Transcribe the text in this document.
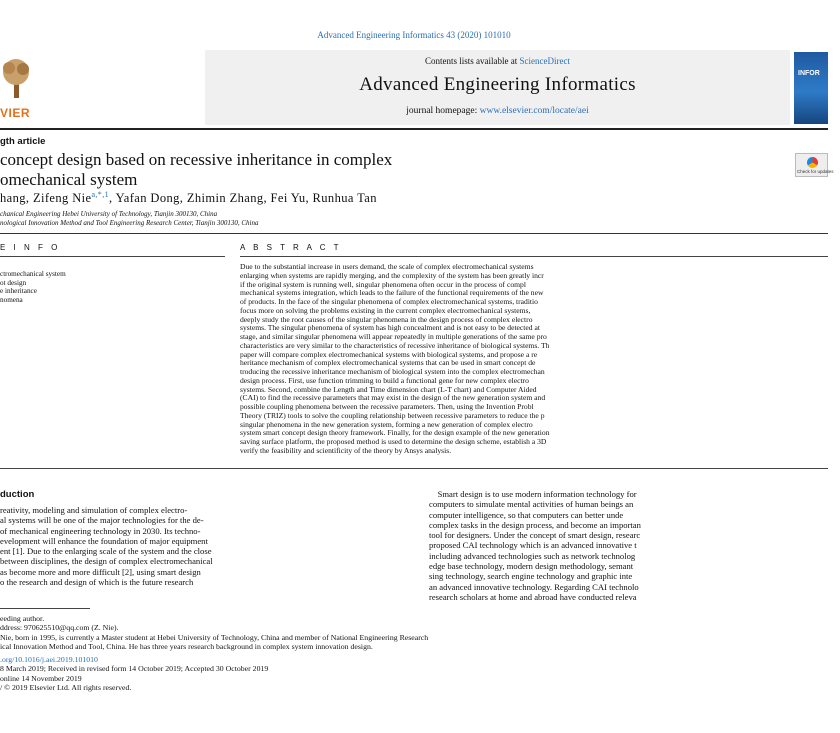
Advanced Engineering Informatics 43 (2020) 101010
Contents lists available at ScienceDirect
Advanced Engineering Informatics
journal homepage: www.elsevier.com/locate/aei
VIER
INFOR
gth article
concept design based on recessive inheritance in complex
omechanical system	Check for updates
hang, Zifeng Nie$^{a,*,1}$, Yafan Dong, Zhimin Zhang, Fei Yu, Runhua Tan
chanical Engineering Hebei University of Technology, Tianjin 300130, China
nological Innovation Method and Tool Engineering Research Center, Tianjin 300130, China
E I N F O	A B S T R A C T
ctromechanical system
ot design
e inheritance
nomena
Due to the substantial increase in users demand, the scale of complex electromechanical systems
enlarging when systems are rapidly merging, and the complexity of the system has been greatly incr
if the original system is running well, singular phenomena often occur in the process of compl
mechanical systems integration, which leads to the failure of the functional requirements of the new
of products. In the face of the singular phenomena of complex electromechanical systems, traditio
focus more on solving the problems existing in the current complex electromechanical systems,
deeply study the root causes of the singular phenomena in the design process of complex electro
systems. The singular phenomena of system has high concealment and is not easy to be detected at
stage, and similar singular phenomena will appear repeatedly in multiple generations of the same pro
characteristics are very similar to the characteristics of recessive inheritance of biological systems. Th
paper will compare complex electromechanical systems with biological systems, and propose a re
heritance mechanism of complex electromechanical systems that can be used in smart concept de
troducing the recessive inheritance mechanism of biological system into the complex electromechan
design process. First, use function trimming to build a functional gene for new complex electro
systems. Second, combine the Length and Time dimension chart (L-T chart) and Computer Aided
(CAI) to find the recessive parameters that may exist in the design of the new generation system and
possible coupling phenomena between the recessive parameters. Then, using the Invention Probl
Theory (TRIZ) tools to solve the coupling relationship between recessive parameters to reduce the p
singular phenomena in the new generation system, forming a new generation of complex electro
system smart concept design theory framework. Finally, for the design example of the new generation
saving surface platform, the proposed method is used to determine the design scheme, establish a 3D
verify the feasibility and scientificity of the theory by Ansys analysis.
duction
reativity, modeling and simulation of complex electro-
al systems will be one of the major technologies for the de-
of mechanical engineering technology in 2030. Its techno-
evelopment will enhance the foundation of major equipment
ent [1]. Due to the enlarging scale of the system and the close
between disciplines, the design of complex electromechanical
as become more and more difficult [2], using smart design
o the research and design of which is the future research
Smart design is to use modern information technology for
computers to simulate mental activities of human beings an
computer intelligence, so that computers can better unde
complex tasks in the design process, and become an importan
tool for designers. Under the concept of smart design, researc
proposed CAI technology which is an advanced innovative t
including advanced technologies such as network technolog
edge base technology, modern design methodology, semant
sing technology, search engine technology and graphic inte
an advanced innovative technology. Regarding CAI technolo
research scholars at home and abroad have conducted releva
eeding author.
ddress: 970625510@qq.com (Z. Nie).
Nie, born in 1995, is currently a Master student at Hebei University of Technology, China and member of National Engineering Research
ical Innovation Method and Tool, China. He has three years research background in complex system innovation design.
.org/10.1016/j.aei.2019.101010
8 March 2019; Received in revised form 14 October 2019; Accepted 30 October 2019
online 14 November 2019
/ © 2019 Elsevier Ltd. All rights reserved.
